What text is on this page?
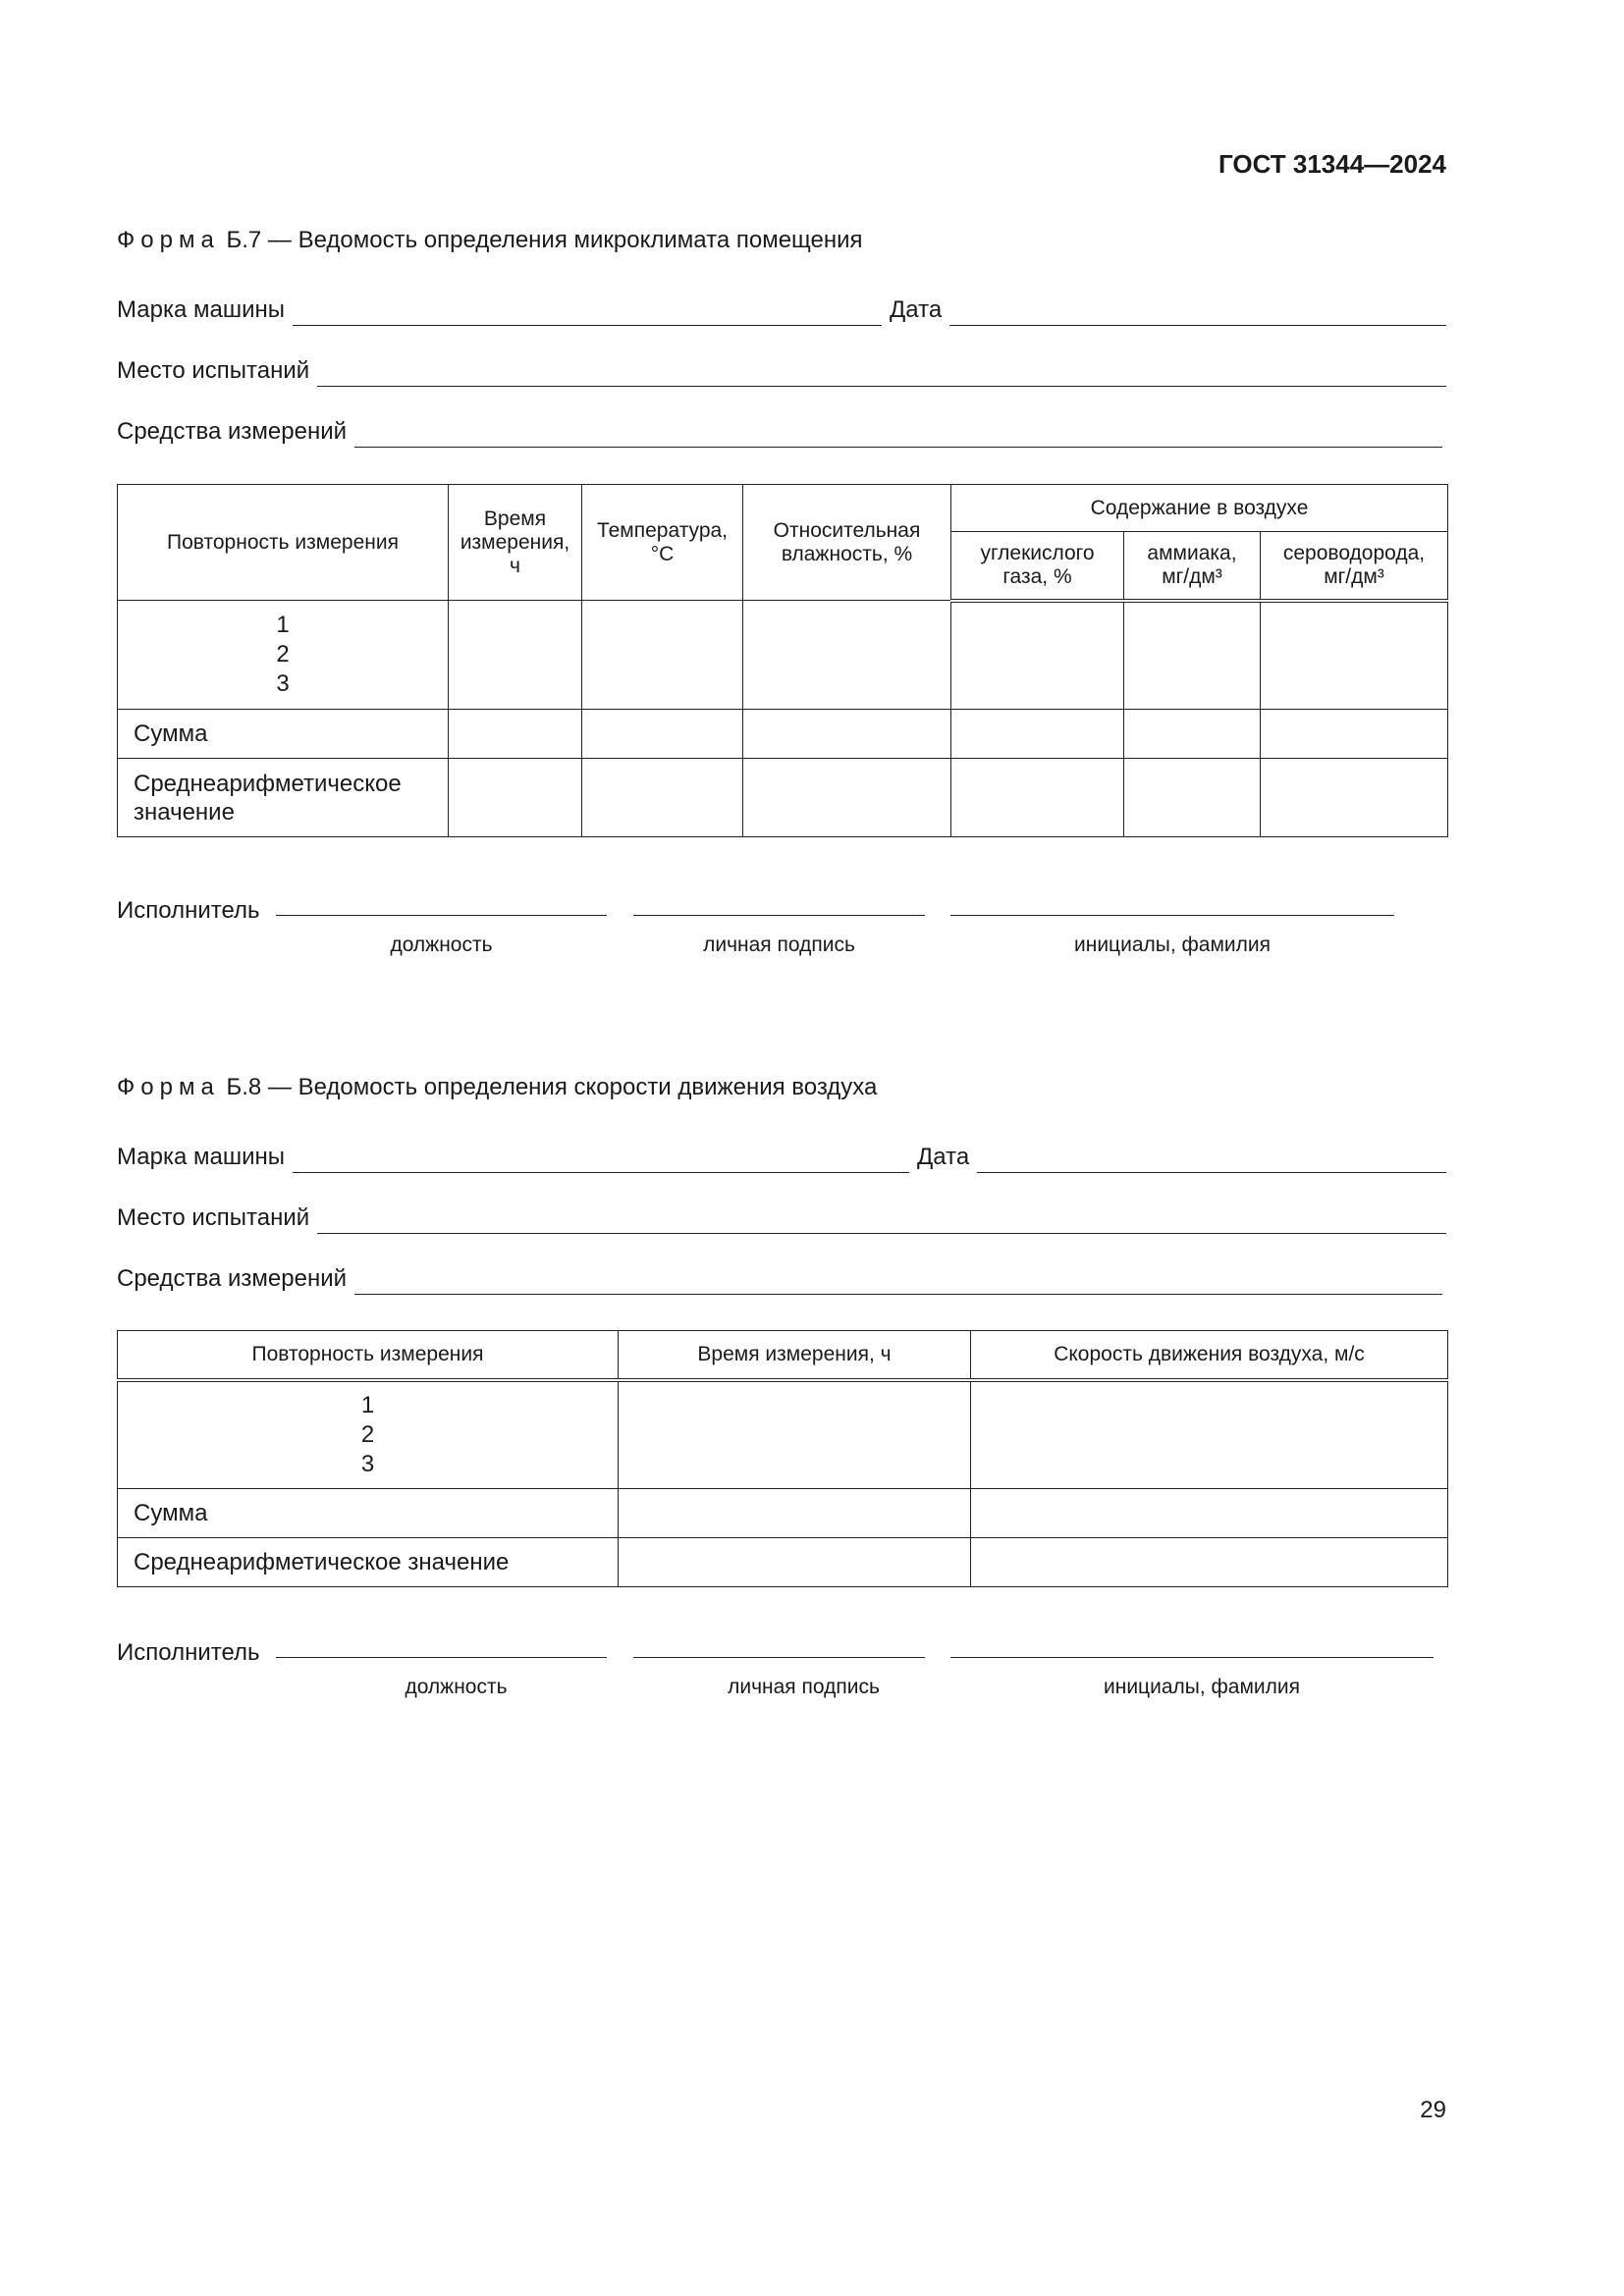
ГОСТ 31344—2024
Форма Б.7 — Ведомость определения микроклимата помещения
Марка машины	Дата
Место испытаний
Средства измерений
Повторность измерения	Время измерения, ч	Температура, °С	Относительная влажность, %	Содержание в воздухе		
				углекислого газа, %	аммиака, мг/дм³	сероводорода, мг/дм³

1
2
3						

Сумма						
Среднеарифметическое значение						
Исполнитель
должность	личная подпись	инициалы, фамилия
Форма Б.8 — Ведомость определения скорости движения воздуха
Марка машины	Дата
Место испытаний
Средства измерений
Повторность измерения	Время измерения, ч	Скорость движения воздуха, м/с

1
2
3		

Сумма		
Среднеарифметическое значение		
Исполнитель
должность	личная подпись	инициалы, фамилия
29
